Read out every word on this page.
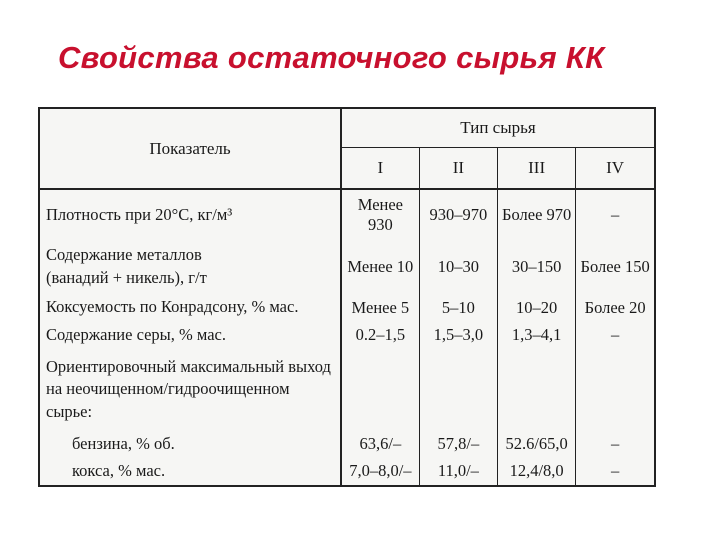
Свойства остаточного сырья КК
Показатель	Тип сырья			
	I	II	III	IV

Плотность при 20°С, кг/м³	Менее 930	930–970	Более 970	–

Содержание металлов
(ванадий + никель), г/т	Менее 10	10–30	30–150	Более 150

Коксуемость по Конрадсону, % мас.	Менее 5	5–10	10–20	Более 20

Содержание серы, % мас.	0.2–1,5	1,5–3,0	1,3–4,1	–

Ориентировочный максимальный выход
на неочищенном/гидроочищенном сырье:				

бензина, % об.	63,6/–	57,8/–	52.6/65,0	–

кокса, % мас.	7,0–8,0/–	11,0/–	12,4/8,0	–
